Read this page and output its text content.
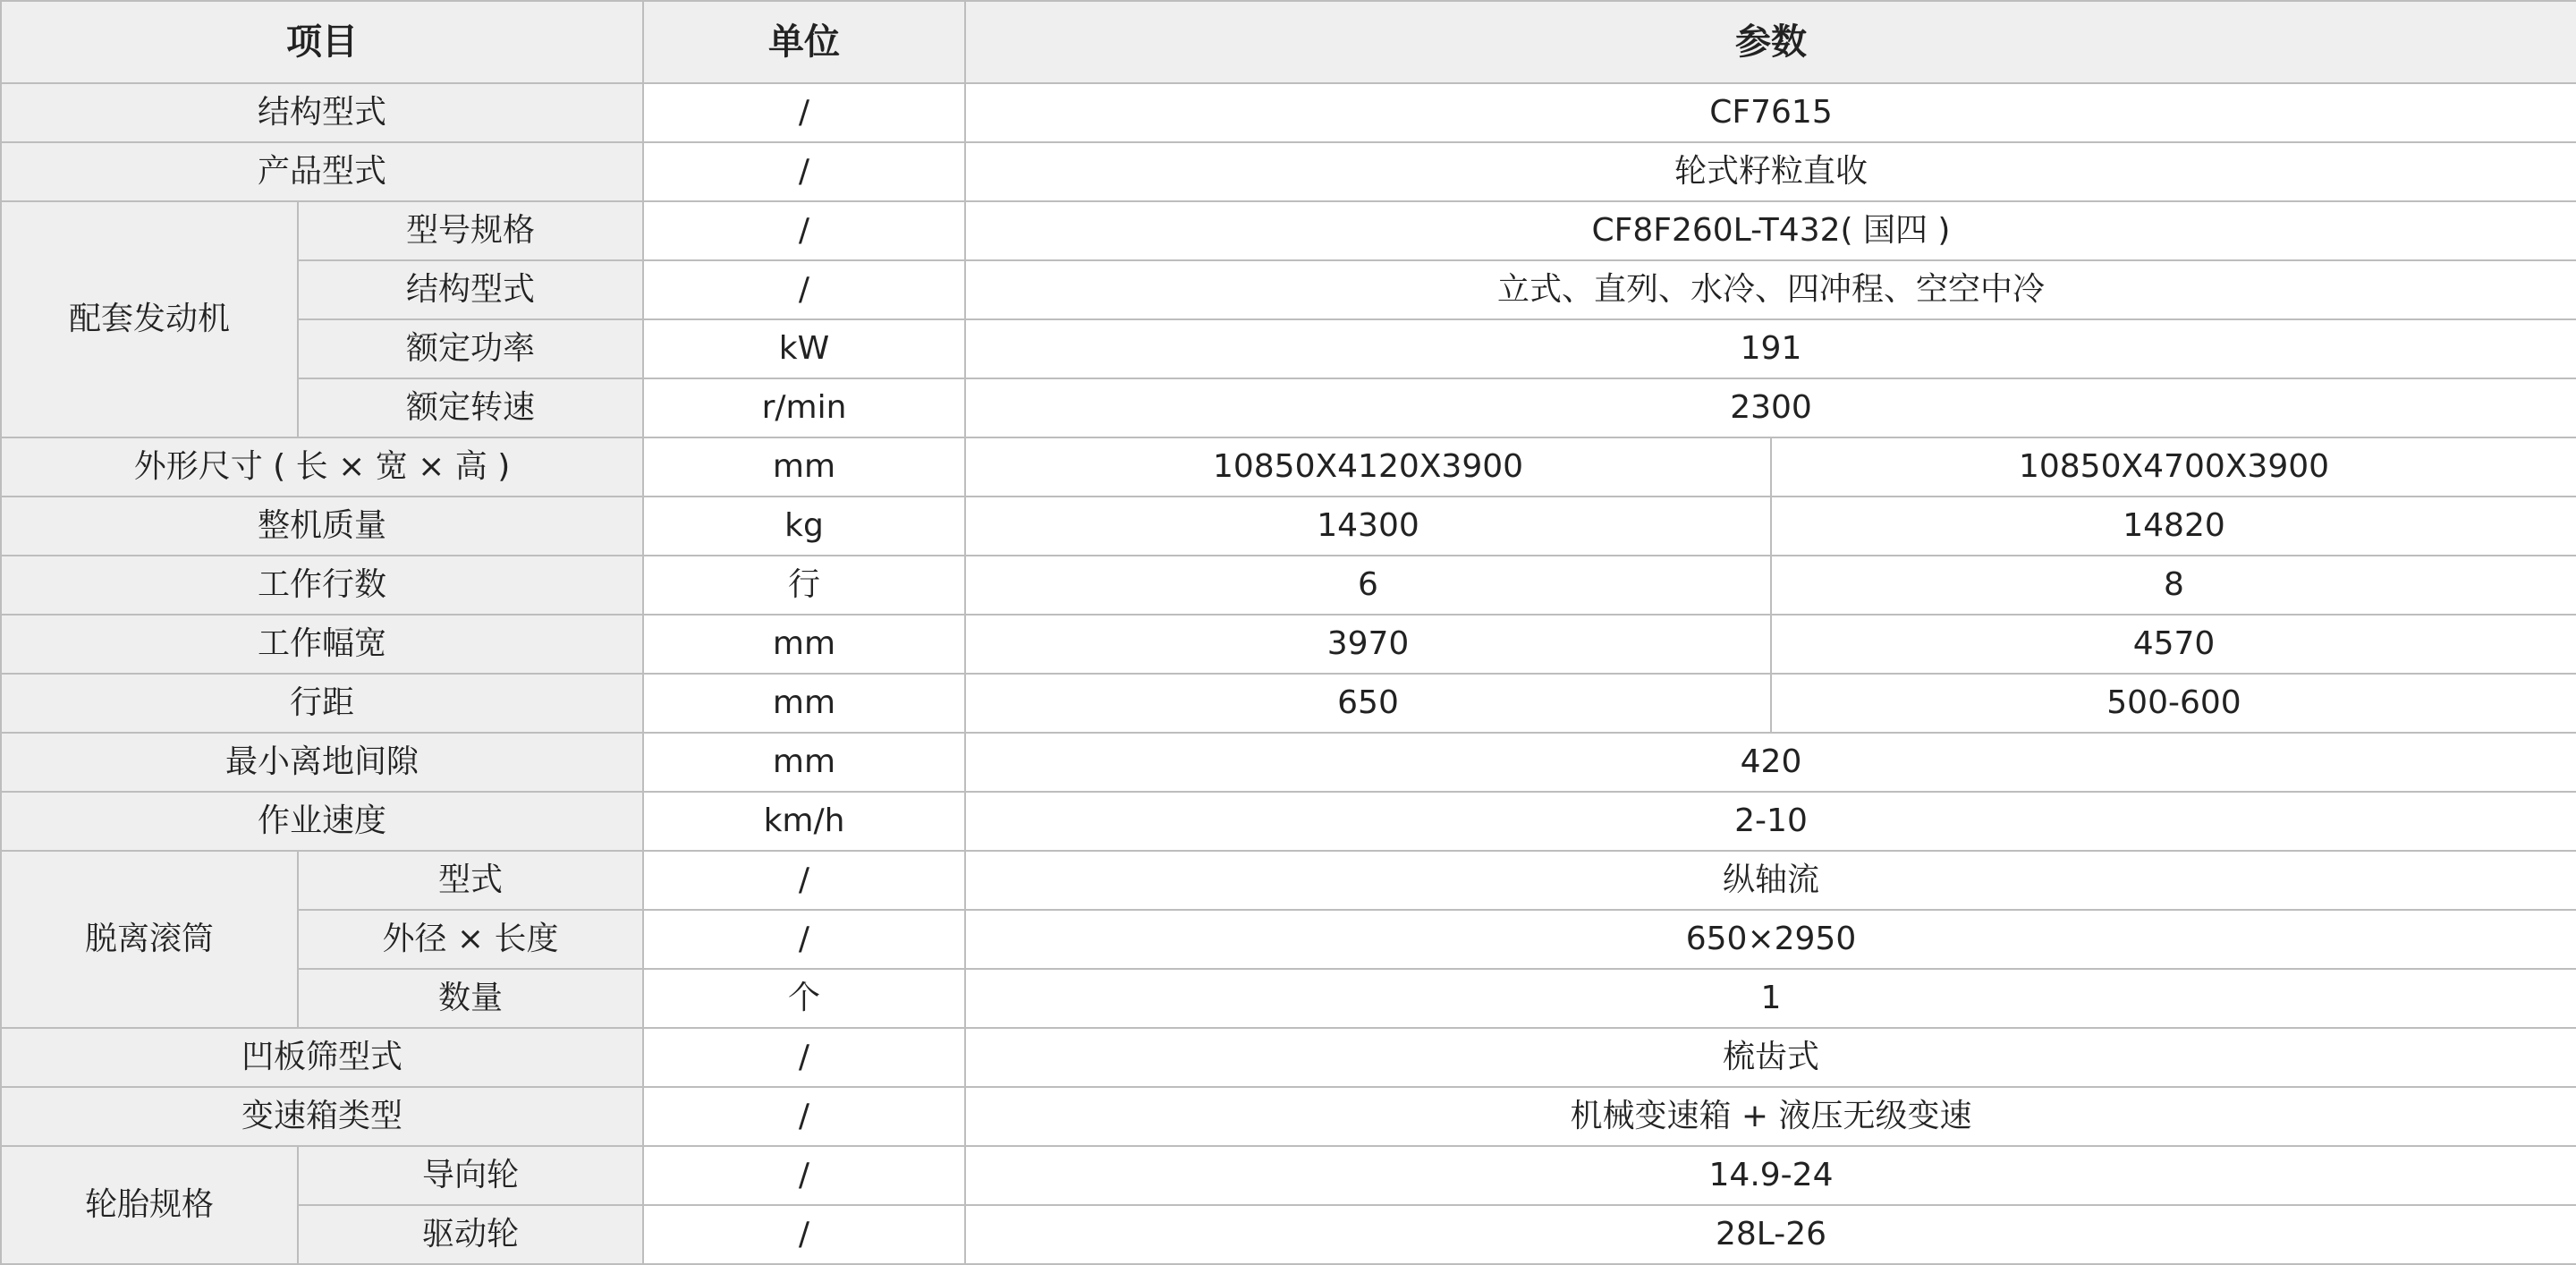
项目		单位	参数	
结构型式		/	CF7615	
产品型式		/	轮式籽粒直收	
配套发动机	型号规格	/	CF8F260L-T432( 国四 )	
	结构型式	/	立式、直列、水冷、四冲程、空空中冷	
	额定功率	kW	191	
	额定转速	r/min	2300	
外形尺寸 ( 长 × 宽 × 高 )		mm	10850X4120X3900	10850X4700X3900
整机质量		kg	14300	14820
工作行数		行	6	8
工作幅宽		mm	3970	4570
行距		mm	650	500-600
最小离地间隙		mm	420	
作业速度		km/h	2-10	
脱离滚筒	型式	/	纵轴流	
	外径 × 长度	/	650×2950	
	数量	个	1	
凹板筛型式		/	梳齿式	
变速箱类型		/	机械变速箱 + 液压无级变速	
轮胎规格	导向轮	/	14.9-24	
	驱动轮	/	28L-26	
